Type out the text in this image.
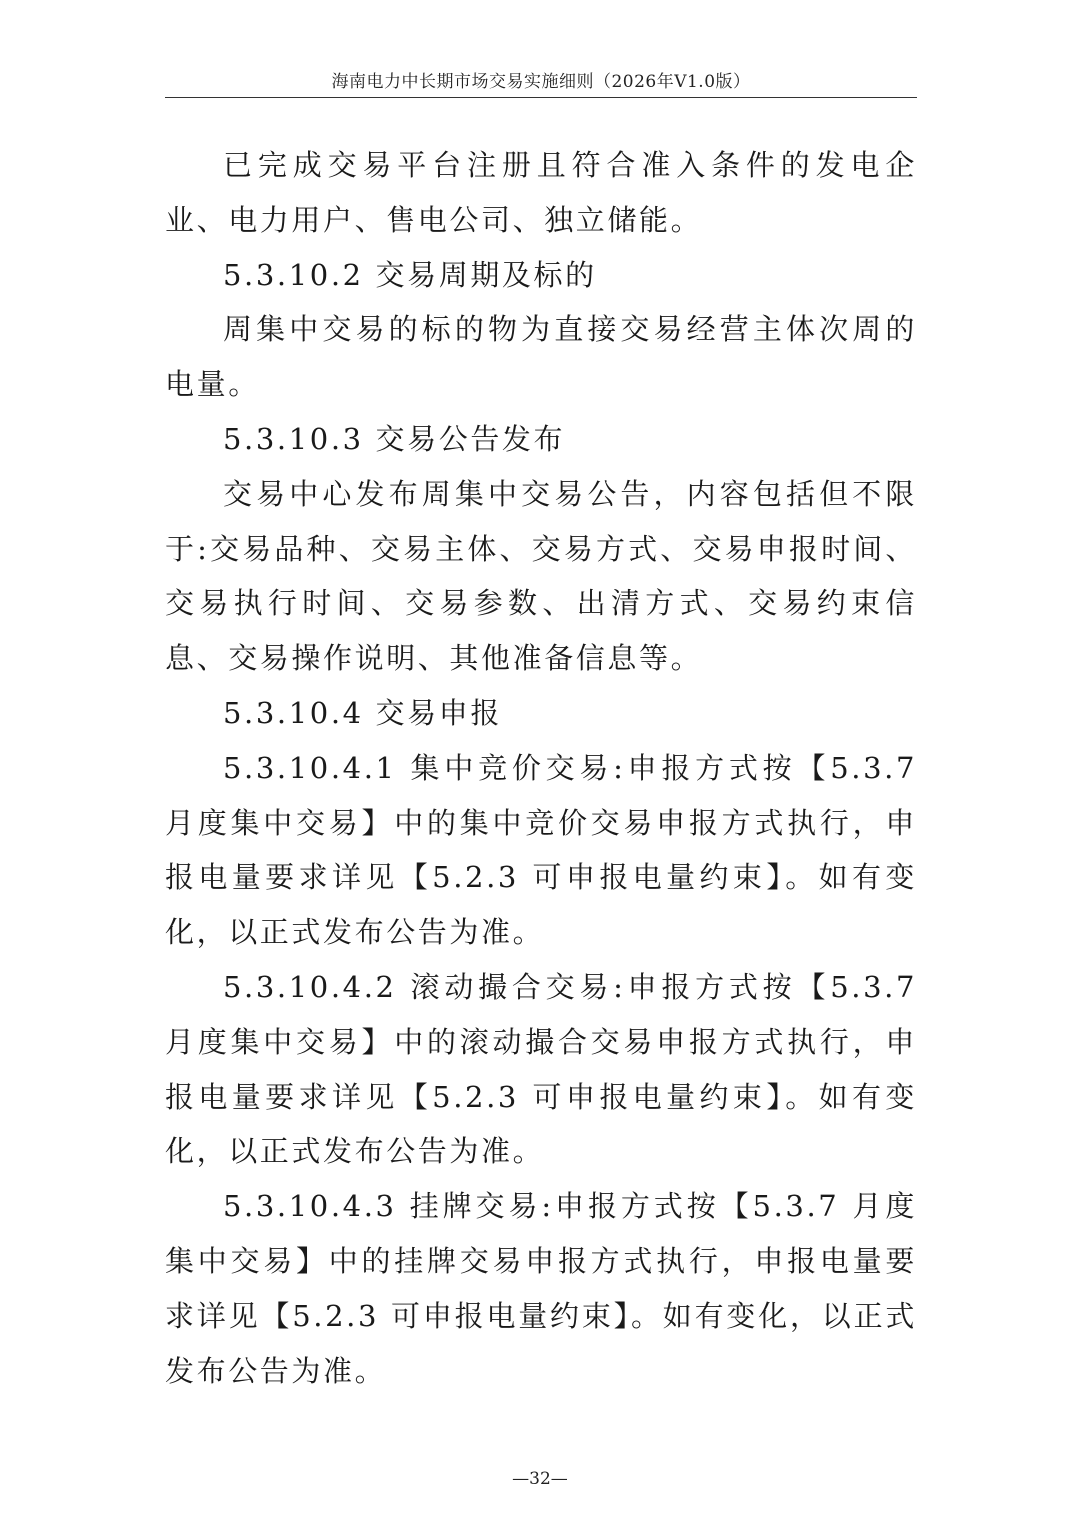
海南电力中长期市场交易实施细则（2026年V1.0版）

已完成交易平台注册且符合准入条件的发电企业、电力用户、售电公司、独立储能。

5.3.10.2 交易周期及标的

周集中交易的标的物为直接交易经营主体次周的电量。

5.3.10.3 交易公告发布

交易中心发布周集中交易公告，内容包括但不限于:交易品种、交易主体、交易方式、交易申报时间、交易执行时间、交易参数、出清方式、交易约束信息、交易操作说明、其他准备信息等。

5.3.10.4 交易申报

5.3.10.4.1 集中竞价交易:申报方式按【5.3.7 月度集中交易】中的集中竞价交易申报方式执行，申报电量要求详见【5.2.3 可申报电量约束】。如有变化，以正式发布公告为准。

5.3.10.4.2 滚动撮合交易:申报方式按【5.3.7 月度集中交易】中的滚动撮合交易申报方式执行，申报电量要求详见【5.2.3 可申报电量约束】。如有变化，以正式发布公告为准。

5.3.10.4.3 挂牌交易:申报方式按【5.3.7 月度集中交易】中的挂牌交易申报方式执行，申报电量要求详见【5.2.3 可申报电量约束】。如有变化，以正式发布公告为准。

—32—
